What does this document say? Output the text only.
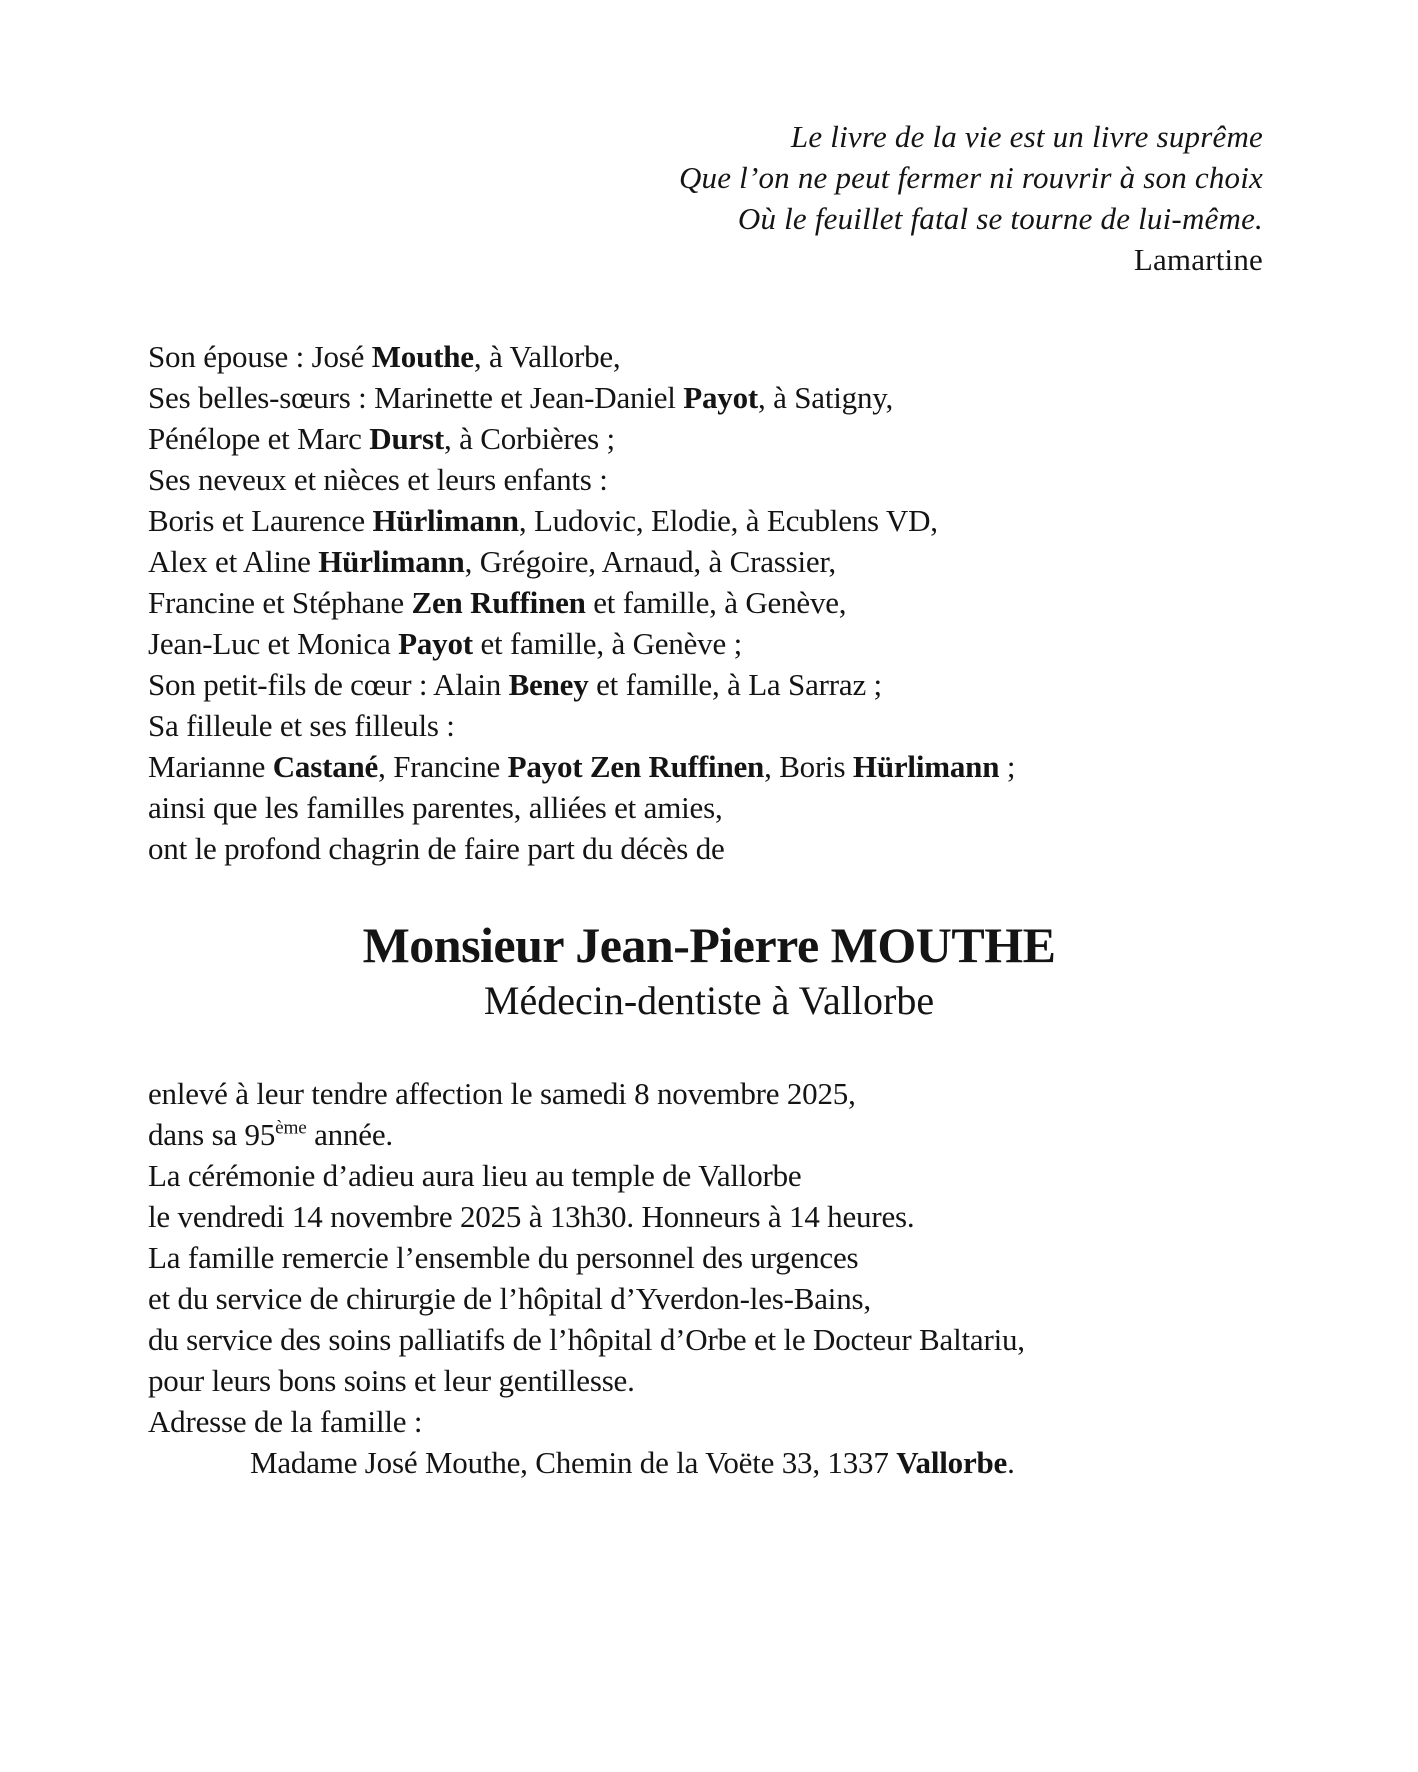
Le livre de la vie est un livre suprême
Que l’on ne peut fermer ni rouvrir à son choix
Où le feuillet fatal se tourne de lui-même.
Lamartine
Son épouse : José Mouthe, à Vallorbe,
Ses belles-sœurs : Marinette et Jean-Daniel Payot, à Satigny,
Pénélope et Marc Durst, à Corbières ;
Ses neveux et nièces et leurs enfants :
Boris et Laurence Hürlimann, Ludovic, Elodie, à Ecublens VD,
Alex et Aline Hürlimann, Grégoire, Arnaud, à Crassier,
Francine et Stéphane Zen Ruffinen et famille, à Genève,
Jean-Luc et Monica Payot et famille, à Genève ;
Son petit-fils de cœur : Alain Beney et famille, à La Sarraz ;
Sa filleule et ses filleuls :
Marianne Castané, Francine Payot Zen Ruffinen, Boris Hürlimann ;
ainsi que les familles parentes, alliées et amies,
ont le profond chagrin de faire part du décès de
Monsieur Jean-Pierre MOUTHE
Médecin-dentiste à Vallorbe
enlevé à leur tendre affection le samedi 8 novembre 2025,
dans sa 95ème année.
La cérémonie d’adieu aura lieu au temple de Vallorbe
le vendredi 14 novembre 2025 à 13h30. Honneurs à 14 heures.
La famille remercie l’ensemble du personnel des urgences
et du service de chirurgie de l’hôpital d’Yverdon-les-Bains,
du service des soins palliatifs de l’hôpital d’Orbe et le Docteur Baltariu,
pour leurs bons soins et leur gentillesse.
Adresse de la famille :
Madame José Mouthe, Chemin de la Voëte 33, 1337 Vallorbe.
